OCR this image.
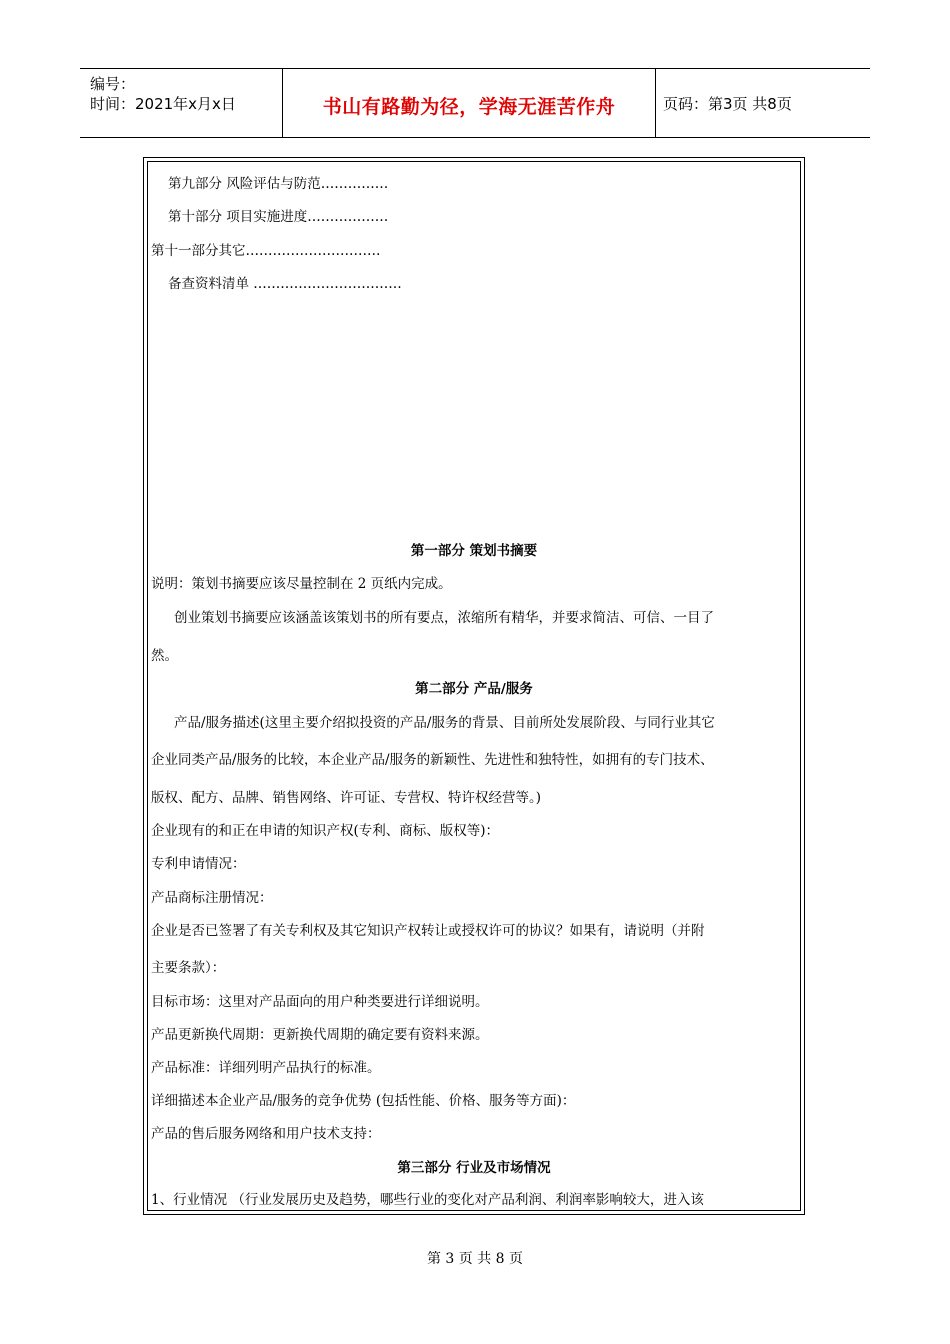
编号：
时间：2021年x月x日	书山有路勤为径，学海无涯苦作舟	页码：第3页 共8页
第九部分 风险评估与防范……………
第十部分 项目实施进度………………
第十一部分其它…………………………
备查资料清单 ……………………………
第一部分 策划书摘要
说明：策划书摘要应该尽量控制在 2 页纸内完成。
创业策划书摘要应该涵盖该策划书的所有要点，浓缩所有精华，并要求简洁、可信、一目了
然。
第二部分 产品/服务
产品/服务描述(这里主要介绍拟投资的产品/服务的背景、目前所处发展阶段、与同行业其它
企业同类产品/服务的比较，本企业产品/服务的新颖性、先进性和独特性，如拥有的专门技术、
版权、配方、品牌、销售网络、许可证、专营权、特许权经营等。)
企业现有的和正在申请的知识产权(专利、商标、版权等)：
专利申请情况：
产品商标注册情况：
企业是否已签署了有关专利权及其它知识产权转让或授权许可的协议？如果有，请说明（并附
主要条款）：
目标市场：这里对产品面向的用户种类要进行详细说明。
产品更新换代周期：更新换代周期的确定要有资料来源。
产品标准：详细列明产品执行的标准。
详细描述本企业产品/服务的竞争优势 (包括性能、价格、服务等方面)：
产品的售后服务网络和用户技术支持：
第三部分 行业及市场情况
1、行业情况 （行业发展历史及趋势，哪些行业的变化对产品利润、利润率影响较大，进入该
第 3 页 共 8 页
